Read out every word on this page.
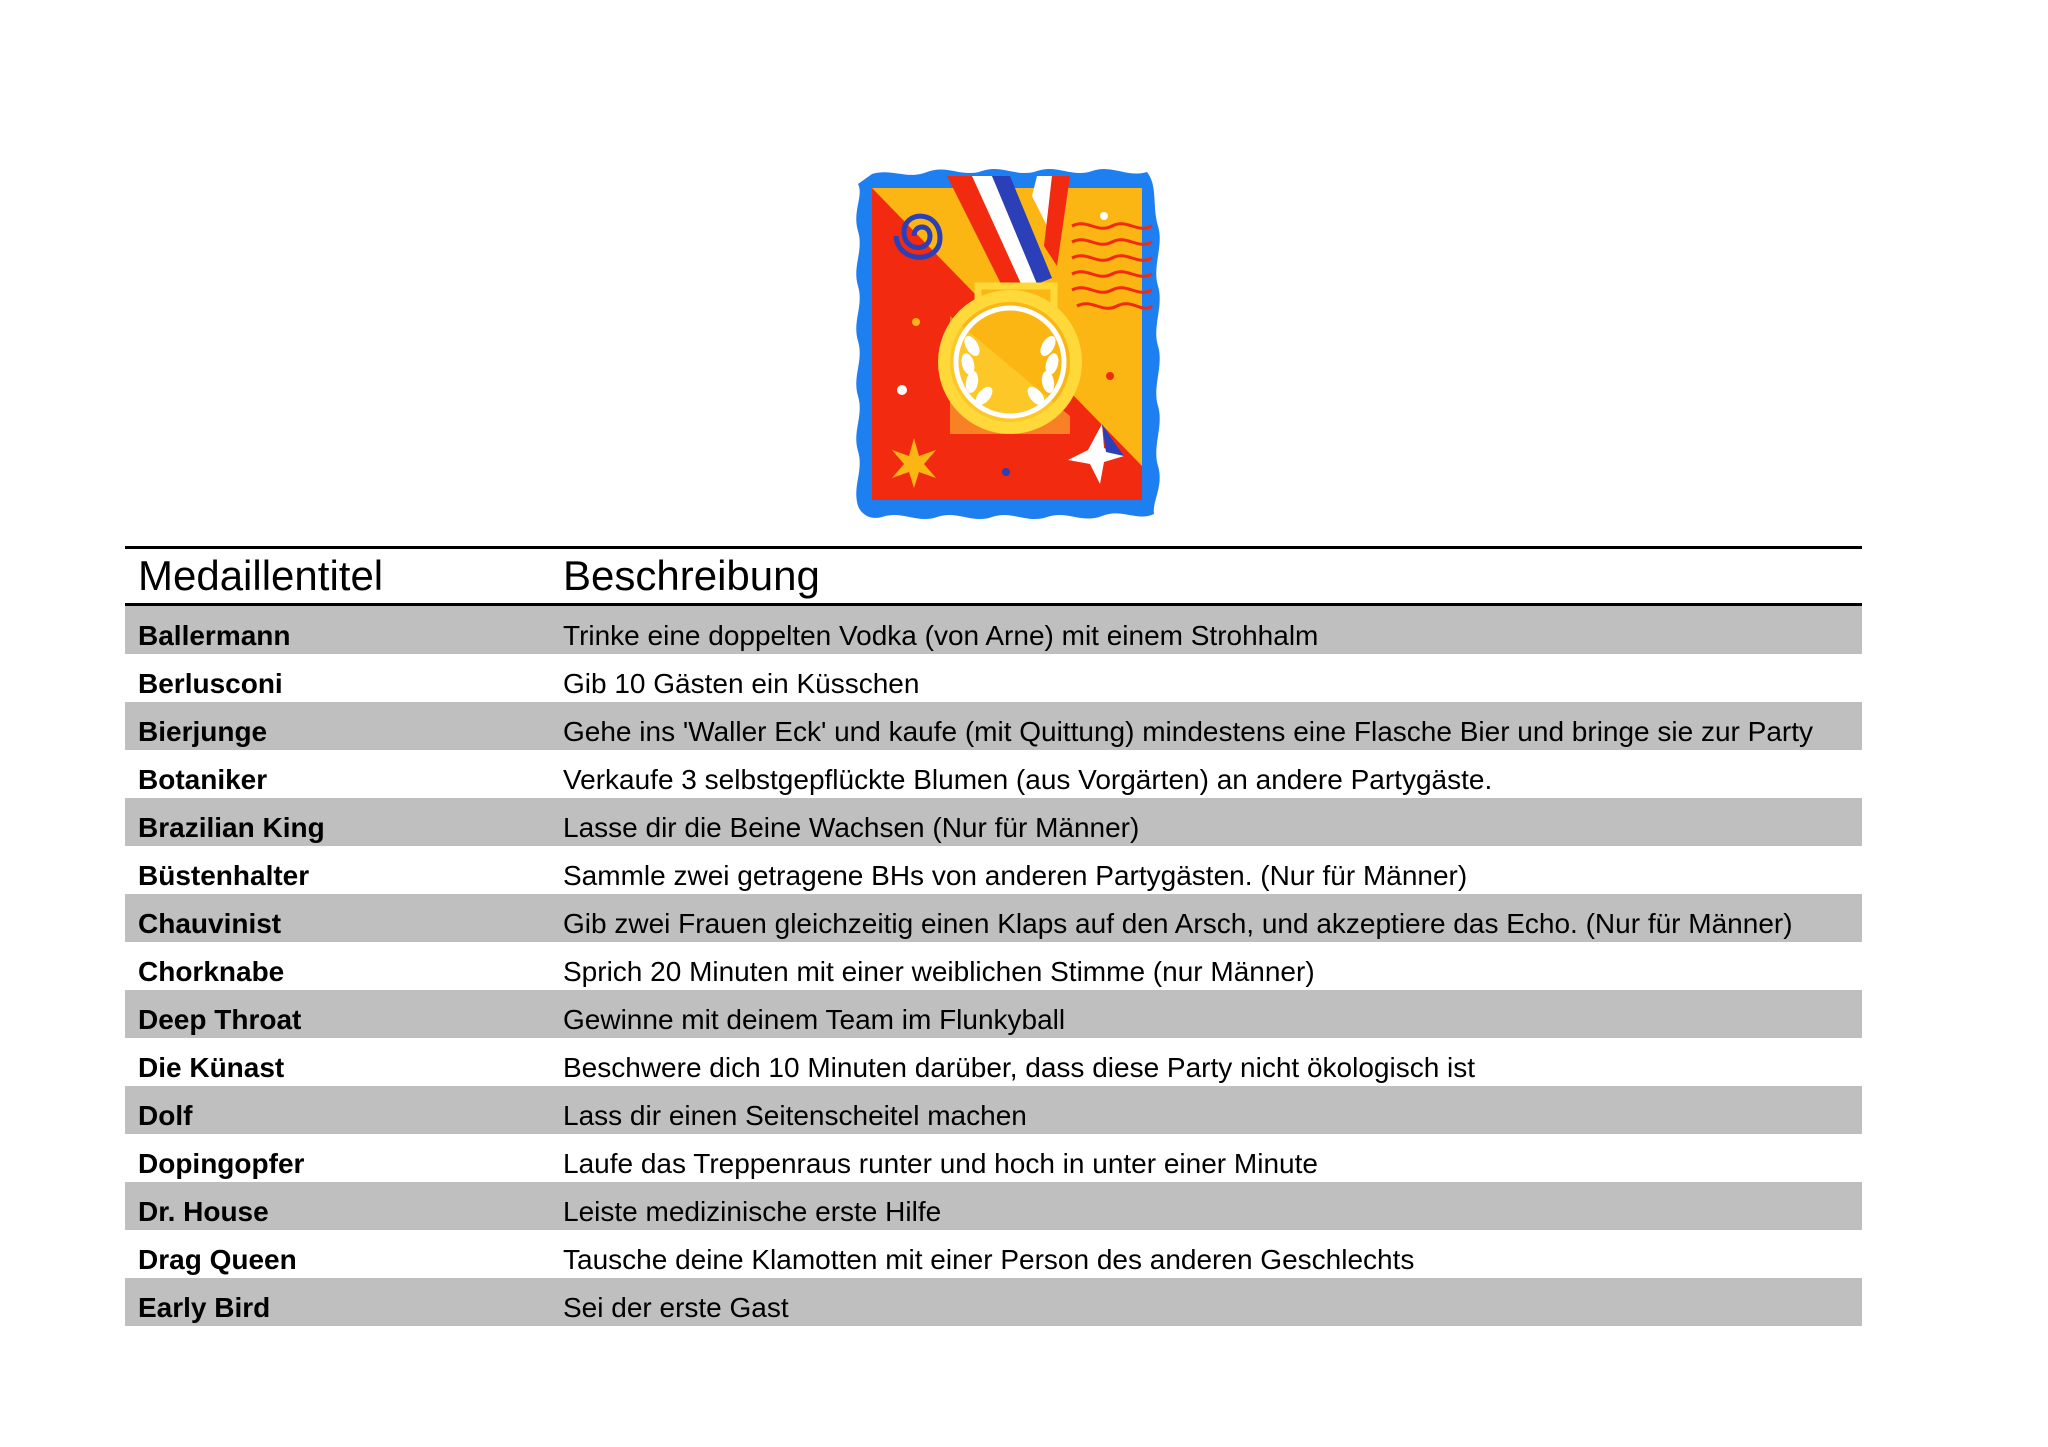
Medaillentitel	Beschreibung
Ballermann	Trinke eine doppelten Vodka (von Arne) mit einem Strohhalm
Berlusconi	Gib 10 Gästen ein Küsschen
Bierjunge	Gehe ins 'Waller Eck' und kaufe (mit Quittung) mindestens eine Flasche Bier und bringe sie zur Party
Botaniker	Verkaufe 3 selbstgepflückte Blumen (aus Vorgärten) an andere Partygäste.
Brazilian King	Lasse dir die Beine Wachsen (Nur für Männer)
Büstenhalter	Sammle zwei getragene BHs von anderen Partygästen. (Nur für Männer)
Chauvinist	Gib zwei Frauen gleichzeitig einen Klaps auf den Arsch, und akzeptiere das Echo. (Nur für Männer)
Chorknabe	Sprich 20 Minuten mit einer weiblichen Stimme (nur Männer)
Deep Throat	Gewinne mit deinem Team im Flunkyball
Die Künast	Beschwere dich 10 Minuten darüber, dass diese Party nicht ökologisch ist
Dolf	Lass dir einen Seitenscheitel machen
Dopingopfer	Laufe das Treppenraus runter und hoch in unter einer Minute
Dr. House	Leiste medizinische erste Hilfe
Drag Queen	Tausche deine Klamotten mit einer Person des anderen Geschlechts
Early Bird	Sei der erste Gast
